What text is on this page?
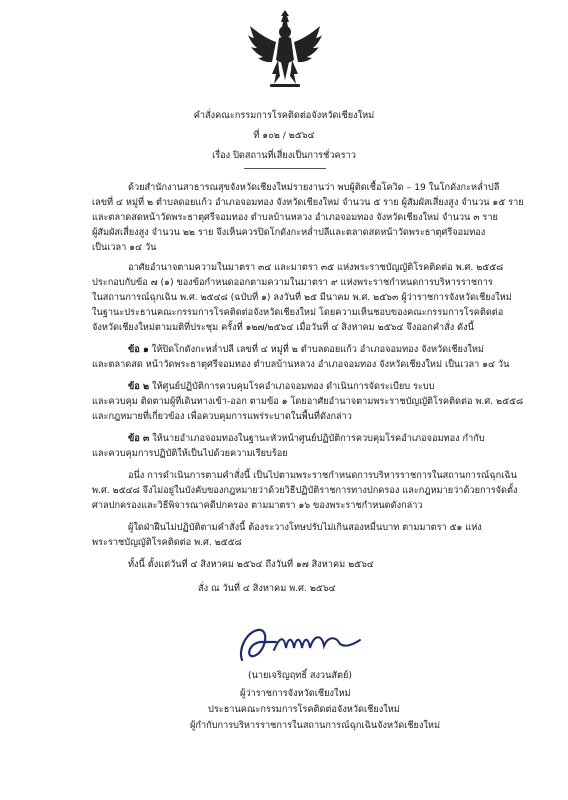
คำสั่งคณะกรรมการโรคติดต่อจังหวัดเชียงใหม่
ที่ ๑๐๒ / ๒๕๖๔
เรื่อง ปิดสถานที่เสี่ยงเป็นการชั่วคราว
ด้วยสำนักงานสาธารณสุขจังหวัดเชียงใหม่รายงานว่า พบผู้ติดเชื้อโควิด – 19 ในโกดังกะหล่ำปลี
เลขที่ ๔ หมู่ที่ ๒ ตำบลดอยแก้ว อำเภอจอมทอง จังหวัดเชียงใหม่ จำนวน ๕ ราย ผู้สัมผัสเสี่ยงสูง จำนวน ๑๕ ราย
และตลาดสดหน้าวัดพระธาตุศรีจอมทอง ตำบลบ้านหลวง อำเภอจอมทอง จังหวัดเชียงใหม่ จำนวน ๓ ราย
ผู้สัมผัสเสี่ยงสูง จำนวน ๒๒ ราย จึงเห็นควรปิดโกดังกะหล่ำปลีและตลาดสดหน้าวัดพระธาตุศรีจอมทอง
เป็นเวลา ๑๔ วัน
อาศัยอำนาจตามความในมาตรา ๓๔ และมาตรา ๓๕ แห่งพระราชบัญญัติโรคติดต่อ พ.ศ. ๒๕๕๘
ประกอบกับข้อ ๗ (๑) ของข้อกำหนดออกตามความในมาตรา ๙ แห่งพระราชกำหนดการบริหารราชการ
ในสถานการณ์ฉุกเฉิน พ.ศ. ๒๕๔๘ (ฉบับที่ ๑) ลงวันที่ ๒๕ มีนาคม พ.ศ. ๒๕๖๓ ผู้ว่าราชการจังหวัดเชียงใหม่
ในฐานะประธานคณะกรรมการโรคติดต่อจังหวัดเชียงใหม่ โดยความเห็นชอบของคณะกรรมการโรคติดต่อ
จังหวัดเชียงใหม่ตามมติที่ประชุม ครั้งที่ ๑๒๗/๒๕๖๔ เมื่อวันที่ ๔ สิงหาคม ๒๕๖๔ จึงออกคำสั่ง ดังนี้
ข้อ ๑ ให้ปิดโกดังกะหล่ำปลี เลขที่ ๔ หมู่ที่ ๒ ตำบลดอยแก้ว อำเภอจอมทอง จังหวัดเชียงใหม่
และตลาดสด หน้าวัดพระธาตุศรีจอมทอง ตำบลบ้านหลวง อำเภอจอมทอง จังหวัดเชียงใหม่ เป็นเวลา ๑๔ วัน
ข้อ ๒ ให้ศูนย์ปฏิบัติการควบคุมโรคอำเภอจอมทอง ดำเนินการจัดระเบียบ ระบบ
และควบคุม ติดตามผู้ที่เดินทางเข้า-ออก ตามข้อ ๑ โดยอาศัยอำนาจตามพระราชบัญญัติโรคติดต่อ พ.ศ. ๒๕๕๘
และกฎหมายที่เกี่ยวข้อง เพื่อควบคุมการแพร่ระบาดในพื้นที่ดังกล่าว
ข้อ ๓ ให้นายอำเภอจอมทองในฐานะหัวหน้าศูนย์ปฏิบัติการควบคุมโรคอำเภอจอมทอง กำกับ
และควบคุมการปฏิบัติให้เป็นไปด้วยความเรียบร้อย
อนึ่ง การดำเนินการตามคำสั่งนี้ เป็นไปตามพระราชกำหนดการบริหารราชการในสถานการณ์ฉุกเฉิน
พ.ศ. ๒๕๔๘ จึงไม่อยู่ในบังคับของกฎหมายว่าด้วยวิธีปฏิบัติราชการทางปกครอง และกฎหมายว่าด้วยการจัดตั้ง
ศาลปกครองและวิธีพิจารณาคดีปกครอง ตามมาตรา ๑๖ ของพระราชกำหนดดังกล่าว
ผู้ใดฝ่าฝืนไม่ปฏิบัติตามคำสั่งนี้ ต้องระวางโทษปรับไม่เกินสองหมื่นบาท ตามมาตรา ๕๑ แห่ง
พระราชบัญญัติโรคติดต่อ พ.ศ. ๒๕๕๘
ทั้งนี้ ตั้งแต่วันที่ ๔ สิงหาคม ๒๕๖๔ ถึงวันที่ ๑๗ สิงหาคม ๒๕๖๔
สั่ง ณ วันที่ ๔ สิงหาคม พ.ศ. ๒๕๖๔
(นายเจริญฤทธิ์ สงวนสัตย์)
ผู้ว่าราชการจังหวัดเชียงใหม่
ประธานคณะกรรมการโรคติดต่อจังหวัดเชียงใหม่
ผู้กำกับการบริหารราชการในสถานการณ์ฉุกเฉินจังหวัดเชียงใหม่
